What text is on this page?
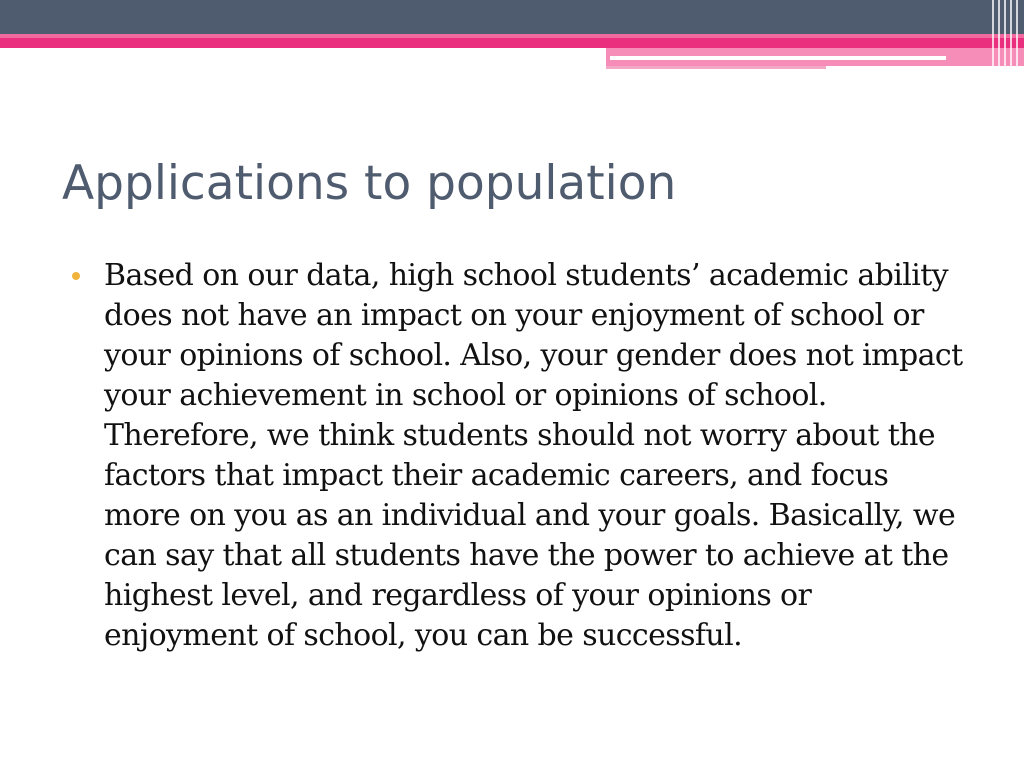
Applications to population

Based on our data, high school students’ academic ability does not have an impact on your enjoyment of school or your opinions of school. Also, your gender does not impact your achievement in school or opinions of school. Therefore, we think students should not worry about the factors that impact their academic careers, and focus more on you as an individual and your goals. Basically, we can say that all students have the power to achieve at the highest level, and regardless of your opinions or enjoyment of school, you can be successful.
